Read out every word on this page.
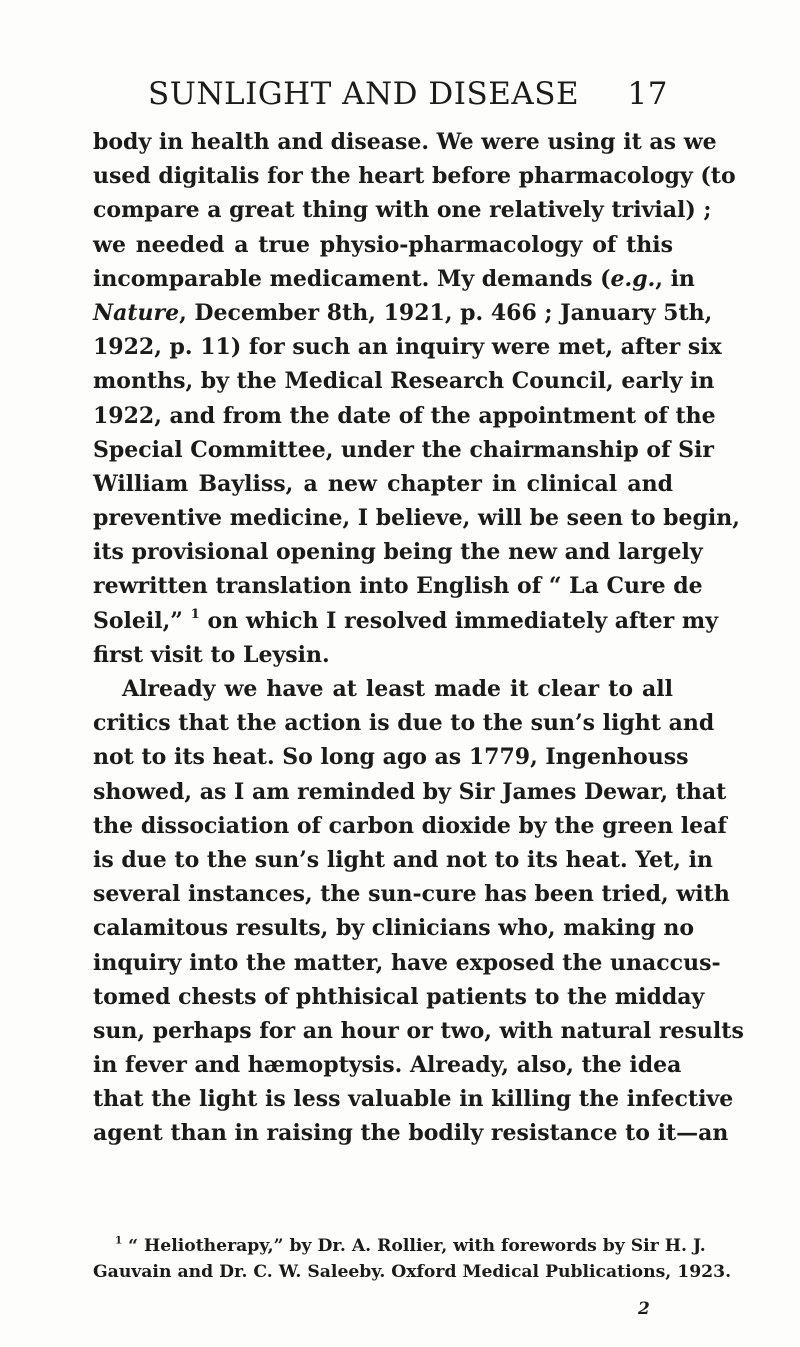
SUNLIGHT AND DISEASE 17
body in health and disease. We were using it as we
used digitalis for the heart before pharmacology (to
compare a great thing with one relatively trivial) ;
we needed a true physio-pharmacology of this
incomparable medicament. My demands (e.g., in
Nature, December 8th, 1921, p. 466 ; January 5th,
1922, p. 11) for such an inquiry were met, after six
months, by the Medical Research Council, early in
1922, and from the date of the appointment of the
Special Committee, under the chairmanship of Sir
William Bayliss, a new chapter in clinical and
preventive medicine, I believe, will be seen to begin,
its provisional opening being the new and largely
rewritten translation into English of “ La Cure de
Soleil,” $^1$ on which I resolved immediately after my
first visit to Leysin.
Already we have at least made it clear to all
critics that the action is due to the sun’s light and
not to its heat. So long ago as 1779, Ingenhouss
showed, as I am reminded by Sir James Dewar, that
the dissociation of carbon dioxide by the green leaf
is due to the sun’s light and not to its heat. Yet, in
several instances, the sun-cure has been tried, with
calamitous results, by clinicians who, making no
inquiry into the matter, have exposed the unaccus-
tomed chests of phthisical patients to the midday
sun, perhaps for an hour or two, with natural results
in fever and hæmoptysis. Already, also, the idea
that the light is less valuable in killing the infective
agent than in raising the bodily resistance to it—an
$^1$ “ Heliotherapy,” by Dr. A. Rollier, with forewords by Sir H. J.
Gauvain and Dr. C. W. Saleeby. Oxford Medical Publications, 1923.
2
